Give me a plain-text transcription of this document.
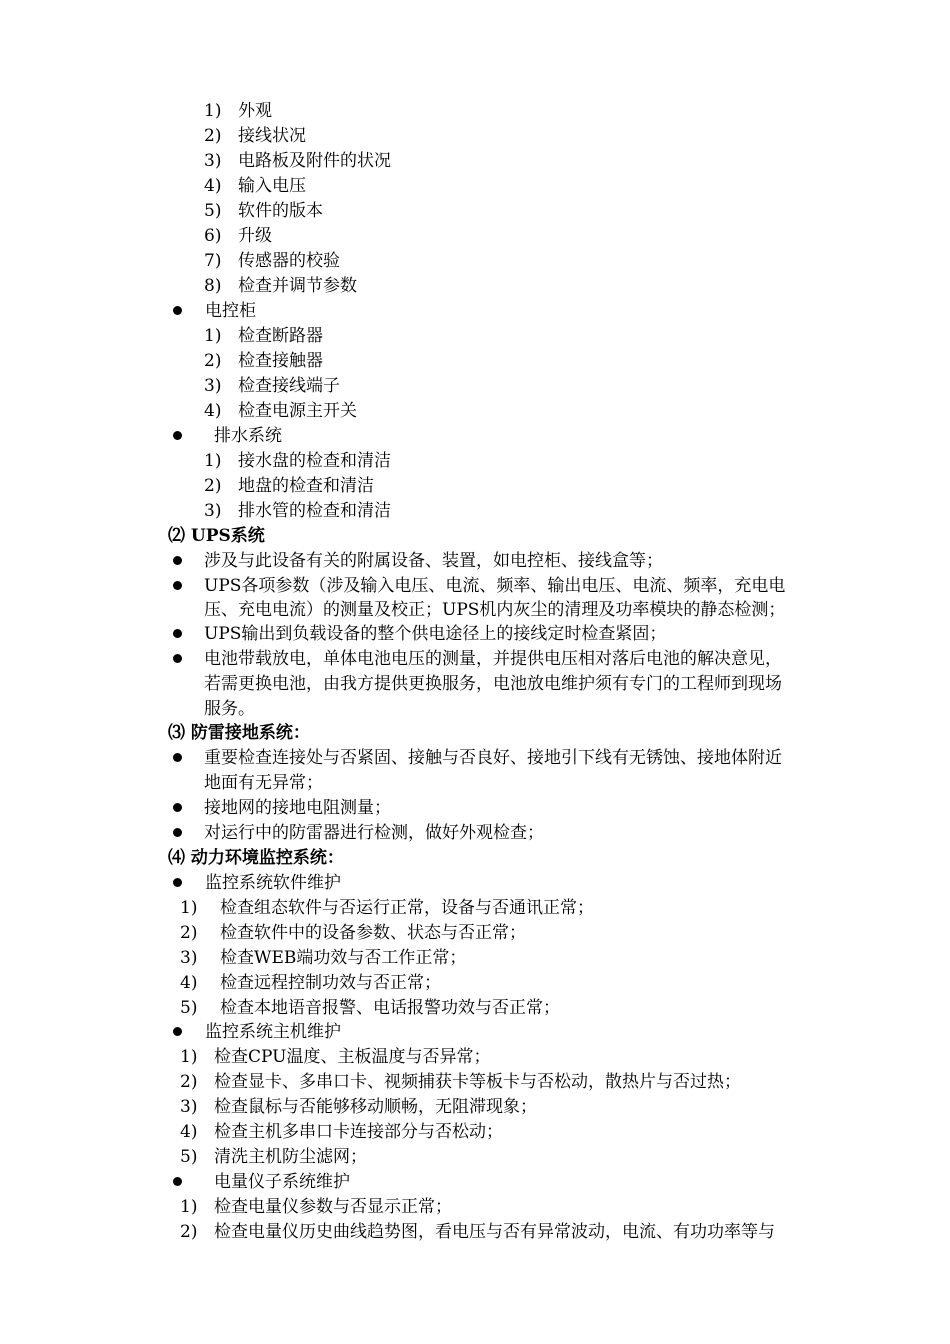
1) 外观
2) 接线状况
3) 电路板及附件的状况
4) 输入电压
5) 软件的版本
6) 升级
7) 传感器的校验
8) 检查并调节参数
电控柜
1) 检查断路器
2) 检查接触器
3) 检查接线端子
4) 检查电源主开关
排水系统
1) 接水盘的检查和清洁
2) 地盘的检查和清洁
3) 排水管的检查和清洁
⑵ UPS系统
涉及与此设备有关的附属设备、装置，如电控柜、接线盒等；
UPS各项参数（涉及输入电压、电流、频率、输出电压、电流、频率，充电电
压、充电电流）的测量及校正；UPS机内灰尘的清理及功率模块的静态检测；
UPS输出到负载设备的整个供电途径上的接线定时检查紧固；
电池带载放电，单体电池电压的测量，并提供电压相对落后电池的解决意见，
若需更换电池，由我方提供更换服务，电池放电维护须有专门的工程师到现场
服务。
⑶ 防雷接地系统：
重要检查连接处与否紧固、接触与否良好、接地引下线有无锈蚀、接地体附近
地面有无异常；
接地网的接地电阻测量；
对运行中的防雷器进行检测，做好外观检查；
⑷ 动力环境监控系统：
监控系统软件维护
1) 检查组态软件与否运行正常，设备与否通讯正常；
2) 检查软件中的设备参数、状态与否正常；
3) 检查WEB端功效与否工作正常；
4) 检查远程控制功效与否正常；
5) 检查本地语音报警、电话报警功效与否正常；
监控系统主机维护
1) 检查CPU温度、主板温度与否异常；
2) 检查显卡、多串口卡、视频捕获卡等板卡与否松动，散热片与否过热；
3) 检查鼠标与否能够移动顺畅，无阻滞现象；
4) 检查主机多串口卡连接部分与否松动；
5) 清洗主机防尘滤网；
电量仪子系统维护
1) 检查电量仪参数与否显示正常；
2) 检查电量仪历史曲线趋势图，看电压与否有异常波动，电流、有功功率等与
